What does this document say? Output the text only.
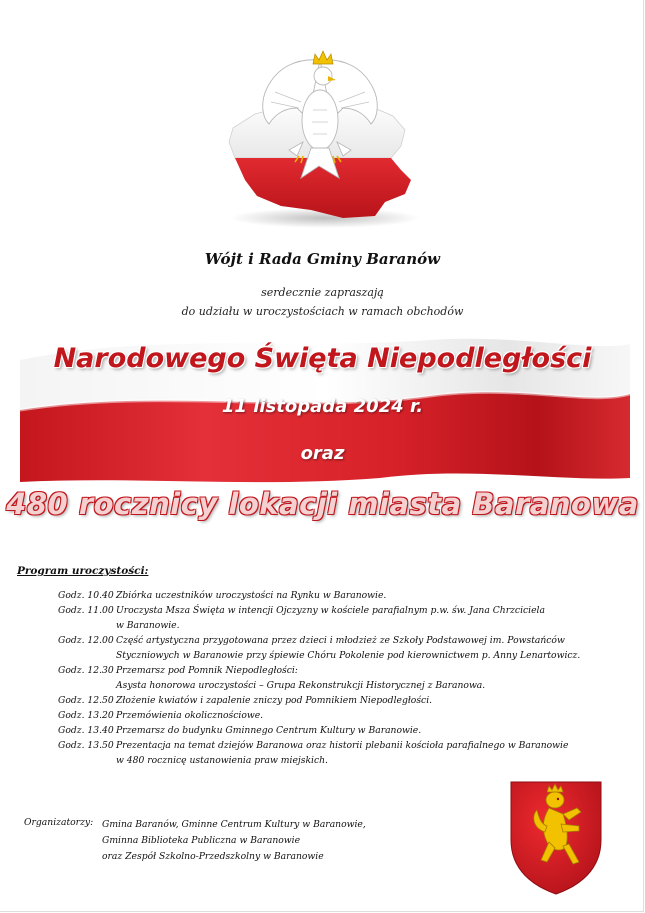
Wójt i Rada Gminy Baranów
serdecznie zapraszają
do udziału w uroczystościach w ramach obchodów
Narodowego Święta Niepodległości
11 listopada 2024 r.
oraz
480 rocznicy lokacji miasta Baranowa
Program uroczystości:
Godz. 10.40 Zbiórka uczestników uroczystości na Rynku w Baranowie.
Godz. 11.00 Uroczysta Msza Święta w intencji Ojczyzny w kościele parafialnym p.w. św. Jana Chrzciciela
w Baranowie.
Godz. 12.00 Część artystyczna przygotowana przez dzieci i młodzież ze Szkoły Podstawowej im. Powstańców
Styczniowych w Baranowie przy śpiewie Chóru Pokolenie pod kierownictwem p. Anny Lenartowicz.
Godz. 12.30 Przemarsz pod Pomnik Niepodległości:
Asysta honorowa uroczystości – Grupa Rekonstrukcji Historycznej z Baranowa.
Godz. 12.50 Złożenie kwiatów i zapalenie zniczy pod Pomnikiem Niepodległości.
Godz. 13.20 Przemówienia okolicznościowe.
Godz. 13.40 Przemarsz do budynku Gminnego Centrum Kultury w Baranowie.
Godz. 13.50 Prezentacja na temat dziejów Baranowa oraz historii plebanii kościoła parafialnego w Baranowie
w 480 rocznicę ustanowienia praw miejskich.
Organizatorzy: Gmina Baranów, Gminne Centrum Kultury w Baranowie,
Gminna Biblioteka Publiczna w Baranowie
oraz Zespół Szkolno-Przedszkolny w Baranowie
